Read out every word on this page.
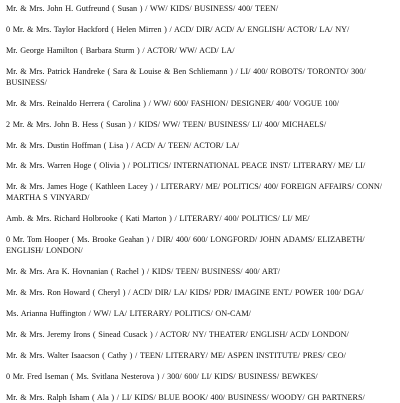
Mr. & Mrs. John H. Gutfreund ( Susan ) / WW/ KIDS/ BUSINESS/ 400/ TEEN/

0 Mr. & Mrs. Taylor Hackford ( Helen Mirren ) / ACD/ DIR/ ACD/ A/ ENGLISH/ ACTOR/ LA/ NY/

Mr. George Hamilton ( Barbara Sturm ) / ACTOR/ WW/ ACD/ LA/

Mr. & Mrs. Patrick Handreke ( Sara & Louise & Ben Schliemann ) / LI/ 400/ ROBOTS/ TORONTO/ 300/ BUSINESS/

Mr. & Mrs. Reinaldo Herrera ( Carolina ) / WW/ 600/ FASHION/ DESIGNER/ 400/ VOGUE 100/

2 Mr. & Mrs. John B. Hess ( Susan ) / KIDS/ WW/ TEEN/ BUSINESS/ LI/ 400/ MICHAELS/

Mr. & Mrs. Dustin Hoffman ( Lisa ) / ACD/ A/ TEEN/ ACTOR/ LA/

Mr. & Mrs. Warren Hoge ( Olivia ) / POLITICS/ INTERNATIONAL PEACE INST/ LITERARY/ ME/ LI/

Mr. & Mrs. James Hoge ( Kathleen Lacey ) / LITERARY/ ME/ POLITICS/ 400/ FOREIGN AFFAIRS/ CONN/ MARTHA S VINYARD/

Amb. & Mrs. Richard Holbrooke ( Kati Marton ) / LITERARY/ 400/ POLITICS/ LI/ ME/

0 Mr. Tom Hooper ( Ms. Brooke Geahan ) / DIR/ 400/ 600/ LONGFORD/ JOHN ADAMS/ ELIZABETH/ ENGLISH/ LONDON/

Mr. & Mrs. Ara K. Hovnanian ( Rachel ) / KIDS/ TEEN/ BUSINESS/ 400/ ART/

Mr. & Mrs. Ron Howard ( Cheryl ) / ACD/ DIR/ LA/ KIDS/ PDR/ IMAGINE ENT./ POWER 100/ DGA/

Ms. Arianna Huffington / WW/ LA/ LITERARY/ POLITICS/ ON-CAM/

Mr. & Mrs. Jeremy Irons ( Sinead Cusack ) / ACTOR/ NY/ THEATER/ ENGLISH/ ACD/ LONDON/

Mr. & Mrs. Walter Isaacson ( Cathy ) / TEEN/ LITERARY/ ME/ ASPEN INSTITUTE/ PRES/ CEO/

0 Mr. Fred Iseman ( Ms. Svitlana Nesterova ) / 300/ 600/ LI/ KIDS/ BUSINESS/ BEWKES/

Mr. & Mrs. Ralph Isham ( Ala ) / LI/ KIDS/ BLUE BOOK/ 400/ BUSINESS/ WOODY/ GH PARTNERS/
